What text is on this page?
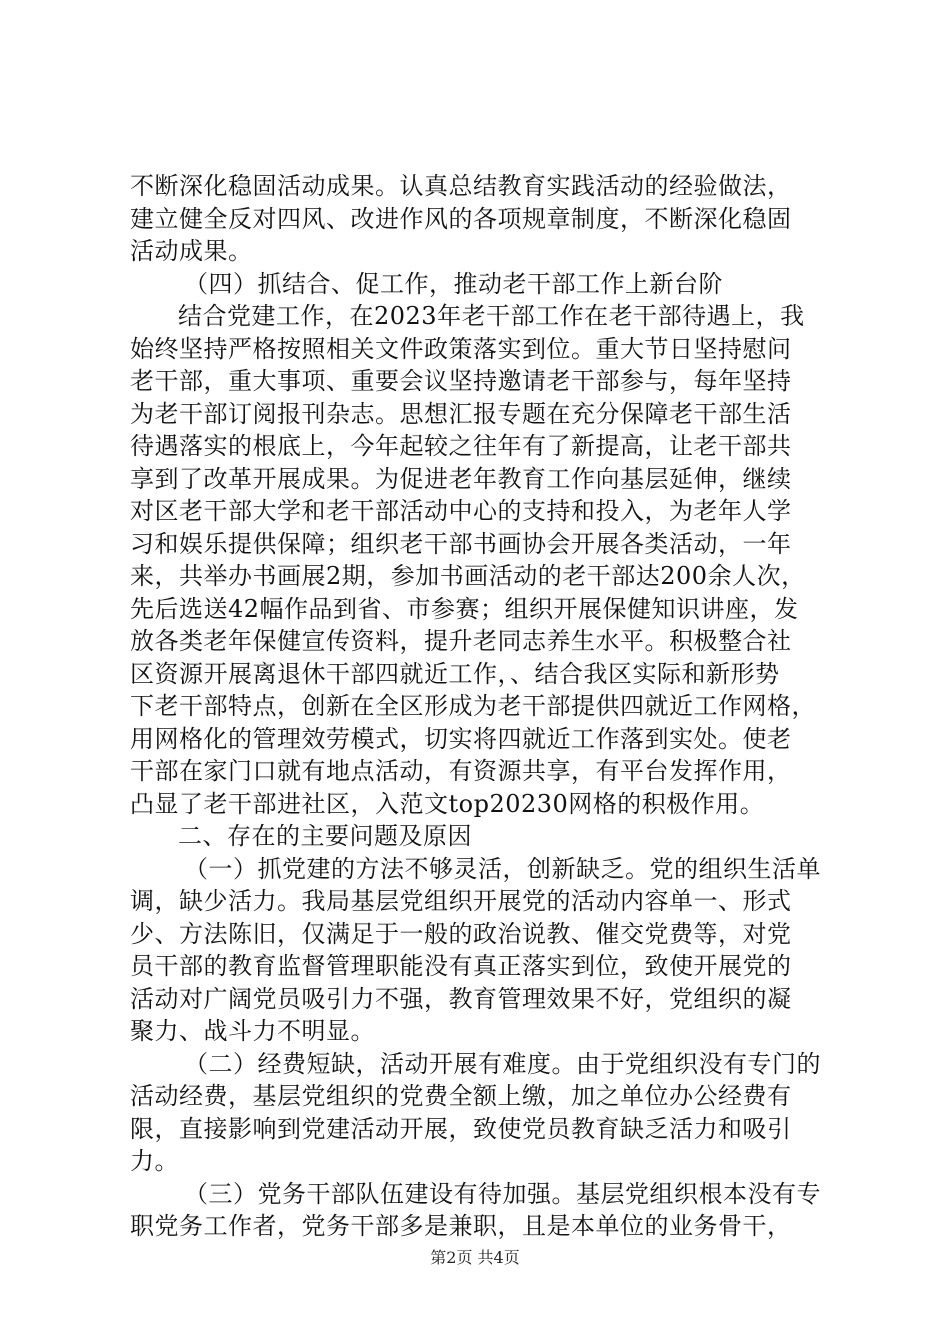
不断深化稳固活动成果。认真总结教育实践活动的经验做法，
建立健全反对四风、改进作风的各项规章制度，不断深化稳固
活动成果。
（四）抓结合、促工作，推动老干部工作上新台阶
结合党建工作，在2023年老干部工作在老干部待遇上，我
始终坚持严格按照相关文件政策落实到位。重大节日坚持慰问
老干部，重大事项、重要会议坚持邀请老干部参与，每年坚持
为老干部订阅报刊杂志。思想汇报专题在充分保障老干部生活
待遇落实的根底上，今年起较之往年有了新提高，让老干部共
享到了改革开展成果。为促进老年教育工作向基层延伸，继续
对区老干部大学和老干部活动中心的支持和投入，为老年人学
习和娱乐提供保障；组织老干部书画协会开展各类活动，一年
来，共举办书画展2期，参加书画活动的老干部达200余人次，
先后选送42幅作品到省、市参赛；组织开展保健知识讲座，发
放各类老年保健宣传资料，提升老同志养生水平。积极整合社
区资源开展离退休干部四就近工作，、结合我区实际和新形势
下老干部特点，创新在全区形成为老干部提供四就近工作网格，
用网格化的管理效劳模式，切实将四就近工作落到实处。使老
干部在家门口就有地点活动，有资源共享，有平台发挥作用，
凸显了老干部进社区，入范文top20230网格的积极作用。
二、存在的主要问题及原因
（一）抓党建的方法不够灵活，创新缺乏。党的组织生活单
调，缺少活力。我局基层党组织开展党的活动内容单一、形式
少、方法陈旧，仅满足于一般的政治说教、催交党费等，对党
员干部的教育监督管理职能没有真正落实到位，致使开展党的
活动对广阔党员吸引力不强，教育管理效果不好，党组织的凝
聚力、战斗力不明显。
（二）经费短缺，活动开展有难度。由于党组织没有专门的
活动经费，基层党组织的党费全额上缴，加之单位办公经费有
限，直接影响到党建活动开展，致使党员教育缺乏活力和吸引
力。
（三）党务干部队伍建设有待加强。基层党组织根本没有专
职党务工作者，党务干部多是兼职，且是本单位的业务骨干，
第2页 共4页
